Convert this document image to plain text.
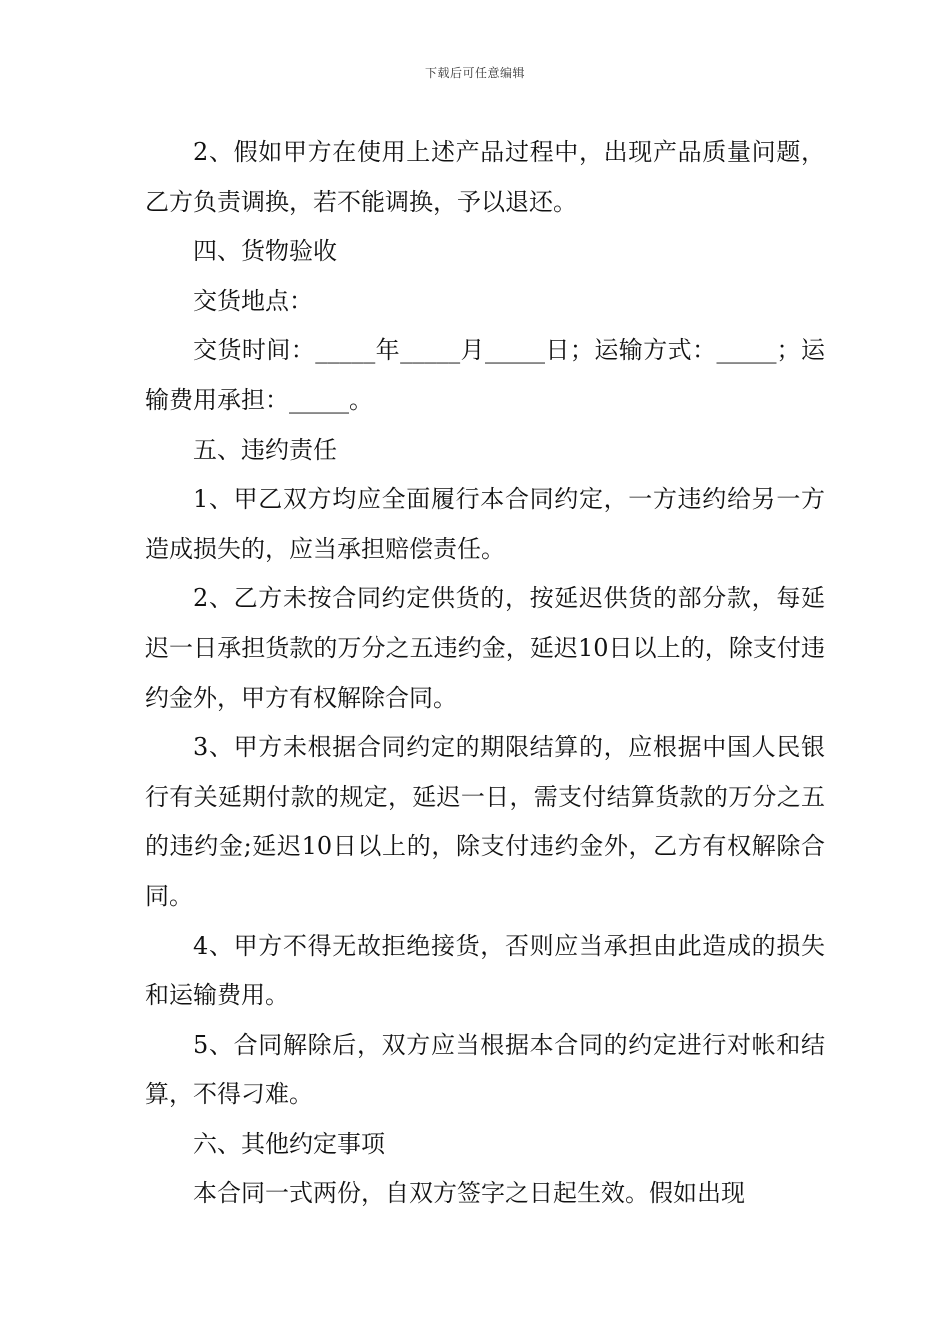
下载后可任意编辑

2、假如甲方在使用上述产品过程中，出现产品质量问题，乙方负责调换，若不能调换，予以退还。

四、货物验收

交货地点：

交货时间：_____年_____月_____日；运输方式：_____；运输费用承担：_____。

五、违约责任

1、甲乙双方均应全面履行本合同约定，一方违约给另一方造成损失的，应当承担赔偿责任。

2、乙方未按合同约定供货的，按延迟供货的部分款，每延迟一日承担货款的万分之五违约金，延迟10日以上的，除支付违约金外，甲方有权解除合同。

3、甲方未根据合同约定的期限结算的，应根据中国人民银行有关延期付款的规定，延迟一日，需支付结算货款的万分之五的违约金;延迟10日以上的，除支付违约金外，乙方有权解除合同。

4、甲方不得无故拒绝接货，否则应当承担由此造成的损失和运输费用。

5、合同解除后，双方应当根据本合同的约定进行对帐和结算，不得刁难。

六、其他约定事项

本合同一式两份，自双方签字之日起生效。假如出现
